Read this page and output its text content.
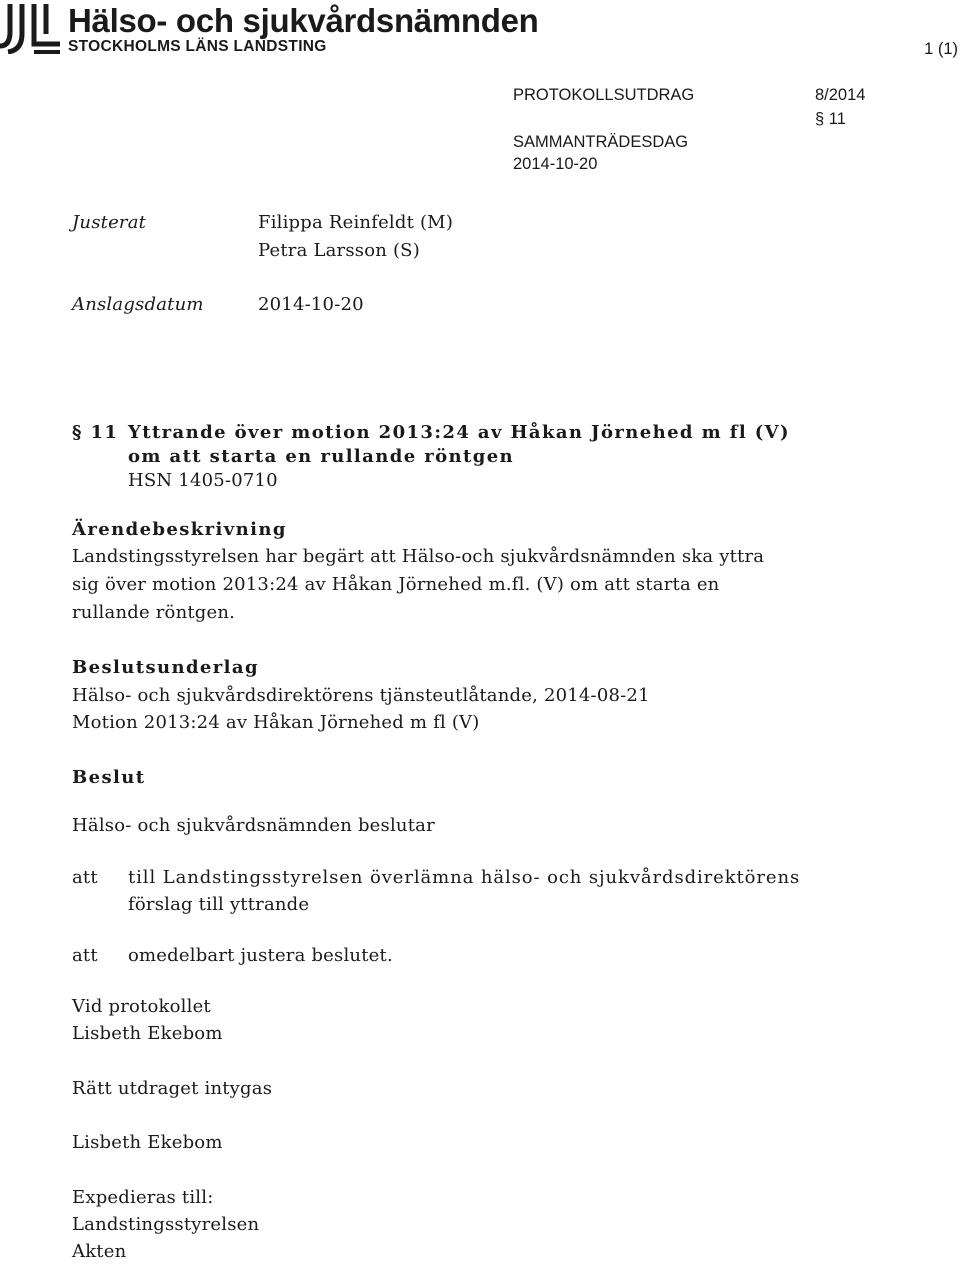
Hälso- och sjukvårdsnämnden
STOCKHOLMS LÄNS LANDSTING	1 (1)
PROTOKOLLSUTDRAG	8/2014
§ 11
SAMMANTRÄDESDAG
2014-10-20
Justerat	Filippa Reinfeldt (M)
Petra Larsson (S)
Anslagsdatum	2014-10-20
§ 11 Yttrande över motion 2013:24 av Håkan Jörnehed m fl (V)
om att starta en rullande röntgen
HSN 1405-0710
Ärendebeskrivning
Landstingsstyrelsen har begärt att Hälso-och sjukvårdsnämnden ska yttra
sig över motion 2013:24 av Håkan Jörnehed m.fl. (V) om att starta en
rullande röntgen.
Beslutsunderlag
Hälso- och sjukvårdsdirektörens tjänsteutlåtande, 2014-08-21
Motion 2013:24 av Håkan Jörnehed m fl (V)
Beslut
Hälso- och sjukvårdsnämnden beslutar
att till Landstingsstyrelsen överlämna hälso- och sjukvårdsdirektörens
förslag till yttrande
att omedelbart justera beslutet.
Vid protokollet
Lisbeth Ekebom
Rätt utdraget intygas
Lisbeth Ekebom
Expedieras till:
Landstingsstyrelsen
Akten
